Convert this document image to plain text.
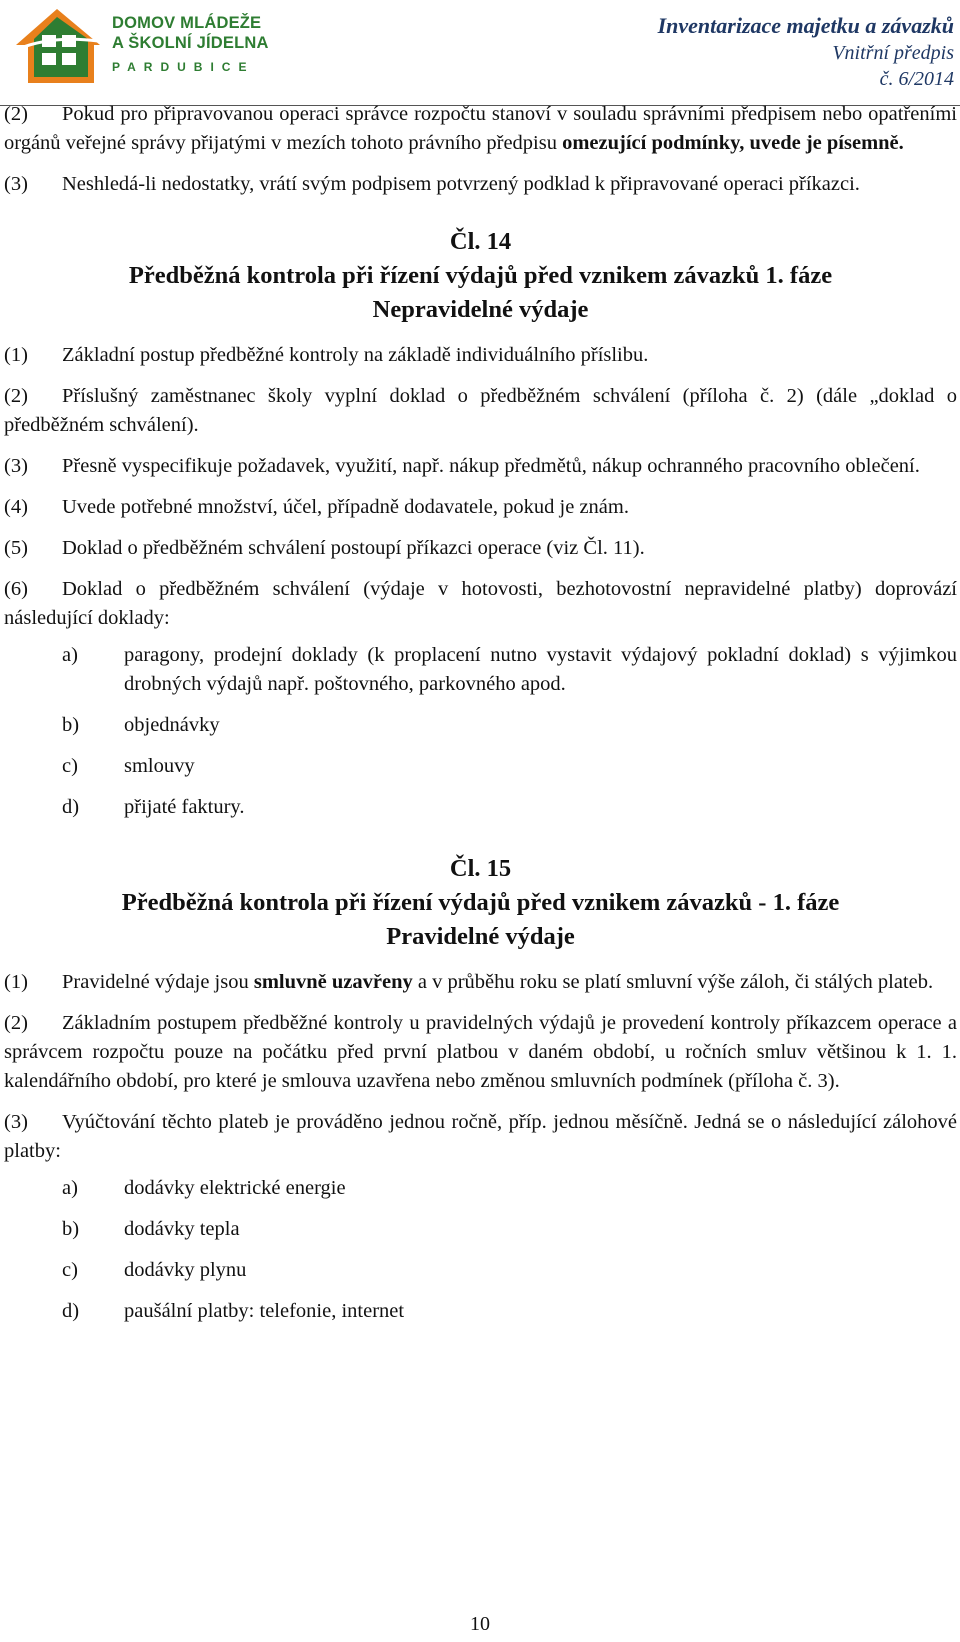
DOMOV MLÁDEŽE
A ŠKOLNÍ JÍDELNA
PARDUBICE
Inventarizace majetku a závazků
Vnitřní předpis
č. 6/2014

(2) Pokud pro připravovanou operaci správce rozpočtu stanoví v souladu správními předpisem nebo opatřeními orgánů veřejné správy přijatými v mezích tohoto právního předpisu omezující podmínky, uvede je písemně.

(3) Neshledá-li nedostatky, vrátí svým podpisem potvrzený podklad k připravované operaci příkazci.

Čl. 14
Předběžná kontrola při řízení výdajů před vznikem závazků 1. fáze
Nepravidelné výdaje

(1) Základní postup předběžné kontroly na základě individuálního příslibu.

(2) Příslušný zaměstnanec školy vyplní doklad o předběžném schválení (příloha č. 2) (dále „doklad o předběžném schválení).

(3) Přesně vyspecifikuje požadavek, využití, např. nákup předmětů, nákup ochranného pracovního oblečení.

(4) Uvede potřebné množství, účel, případně dodavatele, pokud je znám.

(5) Doklad o předběžném schválení postoupí příkazci operace (viz Čl. 11).

(6) Doklad o předběžném schválení (výdaje v hotovosti, bezhotovostní nepravidelné platby) doprovází následující doklady:

a)	paragony, prodejní doklady (k proplacení nutno vystavit výdajový pokladní doklad) s výjimkou drobných výdajů např. poštovného, parkovného apod.
b)	objednávky
c)	smlouvy
d)	přijaté faktury.
Čl. 15
Předběžná kontrola při řízení výdajů před vznikem závazků - 1. fáze
Pravidelné výdaje

(1) Pravidelné výdaje jsou smluvně uzavřeny a v průběhu roku se platí smluvní výše záloh, či stálých plateb.

(2) Základním postupem předběžné kontroly u pravidelných výdajů je provedení kontroly příkazcem operace a správcem rozpočtu pouze na počátku před první platbou v daném období, u ročních smluv většinou k 1. 1. kalendářního období, pro které je smlouva uzavřena nebo změnou smluvních podmínek (příloha č. 3).

(3) Vyúčtování těchto plateb je prováděno jednou ročně, příp. jednou měsíčně. Jedná se o následující zálohové platby:

a)	dodávky elektrické energie
b)	dodávky tepla
c)	dodávky plynu
d)	paušální platby: telefonie, internet
10
